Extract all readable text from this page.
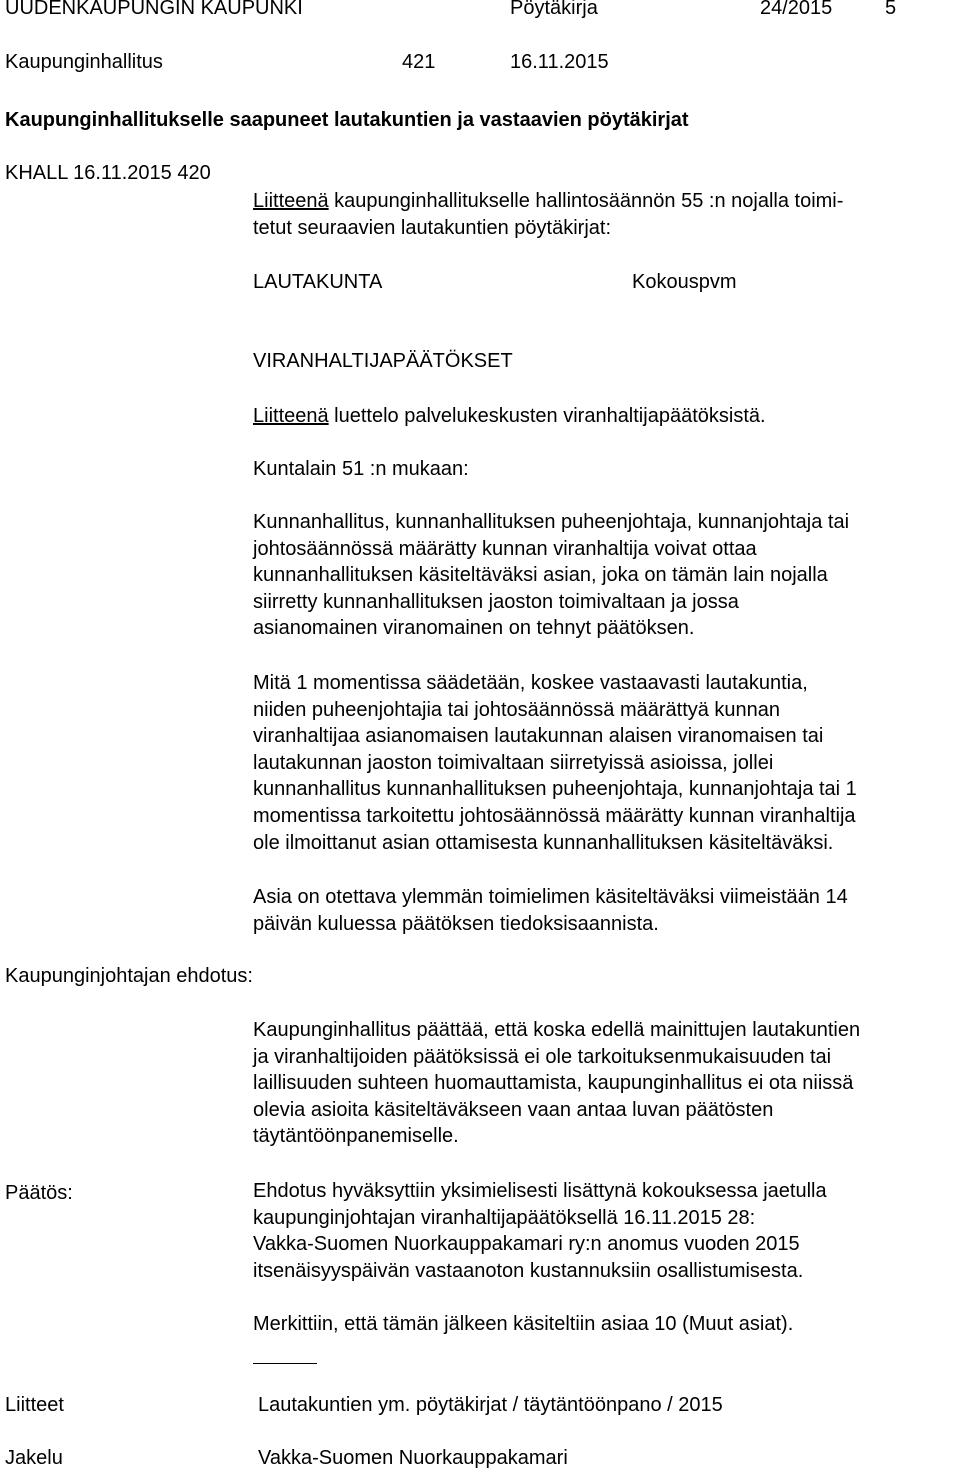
UUDENKAUPUNGIN KAUPUNKI	Pöytäkirja	24/2015	5
Kaupunginhallitus	421	16.11.2015
Kaupunginhallitukselle saapuneet lautakuntien ja vastaavien pöytäkirjat
KHALL 16.11.2015 420
Liitteenä kaupunginhallitukselle hallintosäännön 55 :n nojalla toimi-
tetut seuraavien lautakuntien pöytäkirjat:
LAUTAKUNTA	Kokouspvm
VIRANHALTIJAPÄÄTÖKSET
Liitteenä luettelo palvelukeskusten viranhaltijapäätöksistä.
Kuntalain 51 :n mukaan:
Kunnanhallitus, kunnanhallituksen puheenjohtaja, kunnanjohtaja tai
johtosäännössä määrätty kunnan viranhaltija voivat ottaa
kunnanhallituksen käsiteltäväksi asian, joka on tämän lain nojalla
siirretty kunnanhallituksen jaoston toimivaltaan ja jossa
asianomainen viranomainen on tehnyt päätöksen.
Mitä 1 momentissa säädetään, koskee vastaavasti lautakuntia,
niiden puheenjohtajia tai johtosäännössä määrättyä kunnan
viranhaltijaa asianomaisen lautakunnan alaisen viranomaisen tai
lautakunnan jaoston toimivaltaan siirretyissä asioissa, jollei
kunnanhallitus kunnanhallituksen puheenjohtaja, kunnanjohtaja tai 1
momentissa tarkoitettu johtosäännössä määrätty kunnan viranhaltija
ole ilmoittanut asian ottamisesta kunnanhallituksen käsiteltäväksi.
Asia on otettava ylemmän toimielimen käsiteltäväksi viimeistään 14
päivän kuluessa päätöksen tiedoksisaannista.
Kaupunginjohtajan ehdotus:
Kaupunginhallitus päättää, että koska edellä mainittujen lautakuntien
ja viranhaltijoiden päätöksissä ei ole tarkoituksenmukaisuuden tai
laillisuuden suhteen huomauttamista, kaupunginhallitus ei ota niissä
olevia asioita käsiteltäväkseen vaan antaa luvan päätösten
täytäntöönpanemiselle.
Päätös:	Ehdotus hyväksyttiin yksimielisesti lisättynä kokouksessa jaetulla
kaupunginjohtajan viranhaltijapäätöksellä 16.11.2015 28:
Vakka-Suomen Nuorkauppakamari ry:n anomus vuoden 2015
itsenäisyyspäivän vastaanoton kustannuksiin osallistumisesta.
Merkittiin, että tämän jälkeen käsiteltiin asiaa 10 (Muut asiat).
Liitteet	Lautakuntien ym. pöytäkirjat / täytäntöönpano / 2015
Jakelu	Vakka-Suomen Nuorkauppakamari
